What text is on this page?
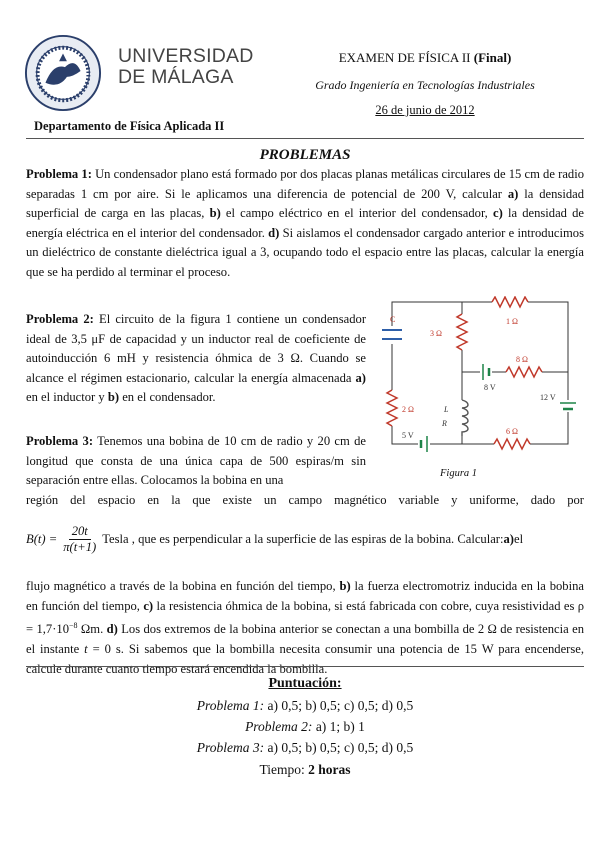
UNIVERSIDAD
DE MÁLAGA
EXAMEN DE FÍSICA II (Final)
Grado Ingeniería en Tecnologías Industriales
26 de junio de 2012
Departamento de Física Aplicada II
PROBLEMAS

Problema 1: Un condensador plano está formado por dos placas planas metálicas circulares de 15 cm de radio separadas 1 cm por aire. Si le aplicamos una diferencia de potencial de 200 V, calcular a) la densidad superficial de carga en las placas, b) el campo eléctrico en el interior del condensador, c) la densidad de energía eléctrica en el interior del condensador. d) Si aislamos el condensador cargado anterior e introducimos un dieléctrico de constante dieléctrica igual a 3, ocupando todo el espacio entre las placas, calcular la energía que se ha perdido al terminar el proceso.

Problema 2: El circuito de la figura 1 contiene un condensador ideal de 3,5 μF de capacidad y un inductor real de coeficiente de autoinducción 6 mH y resistencia óhmica de 3 Ω. Cuando se alcance el régimen estacionario, calcular la energía almacenada a) en el inductor y b) en el condensador.

C	1 Ω
3 Ω
8 Ω
8 V
12 V
2 Ω	L
R
5 V	6 Ω
Figura 1

Problema 3: Tenemos una bobina de 10 cm de radio y 20 cm de longitud que consta de una única capa de 500 espiras/m sin separación entre ellas. Colocamos la bobina en una

región del espacio en la que existe un campo magnético variable y uniforme, dado por

$B(t) = \frac{20t}{\pi(t+1)}$ Tesla , que es perpendicular a la superficie de las espiras de la bobina. Calcular: a) el

flujo magnético a través de la bobina en función del tiempo, b) la fuerza electromotriz inducida en la bobina en función del tiempo, c) la resistencia óhmica de la bobina, si está fabricada con cobre, cuya resistividad es $\rho = 1,7\cdot 10^{-8}$ Ωm. d) Los dos extremos de la bobina anterior se conectan a una bombilla de 2 Ω de resistencia en el instante t = 0 s. Si sabemos que la bombilla necesita consumir una potencia de 15 W para encenderse, calcule durante cuanto tiempo estará encendida la bombilla.

Puntuación:
Problema 1: a) 0,5; b) 0,5; c) 0,5; d) 0,5
Problema 2: a) 1; b) 1
Problema 3: a) 0,5; b) 0,5; c) 0,5; d) 0,5
Tiempo: 2 horas
